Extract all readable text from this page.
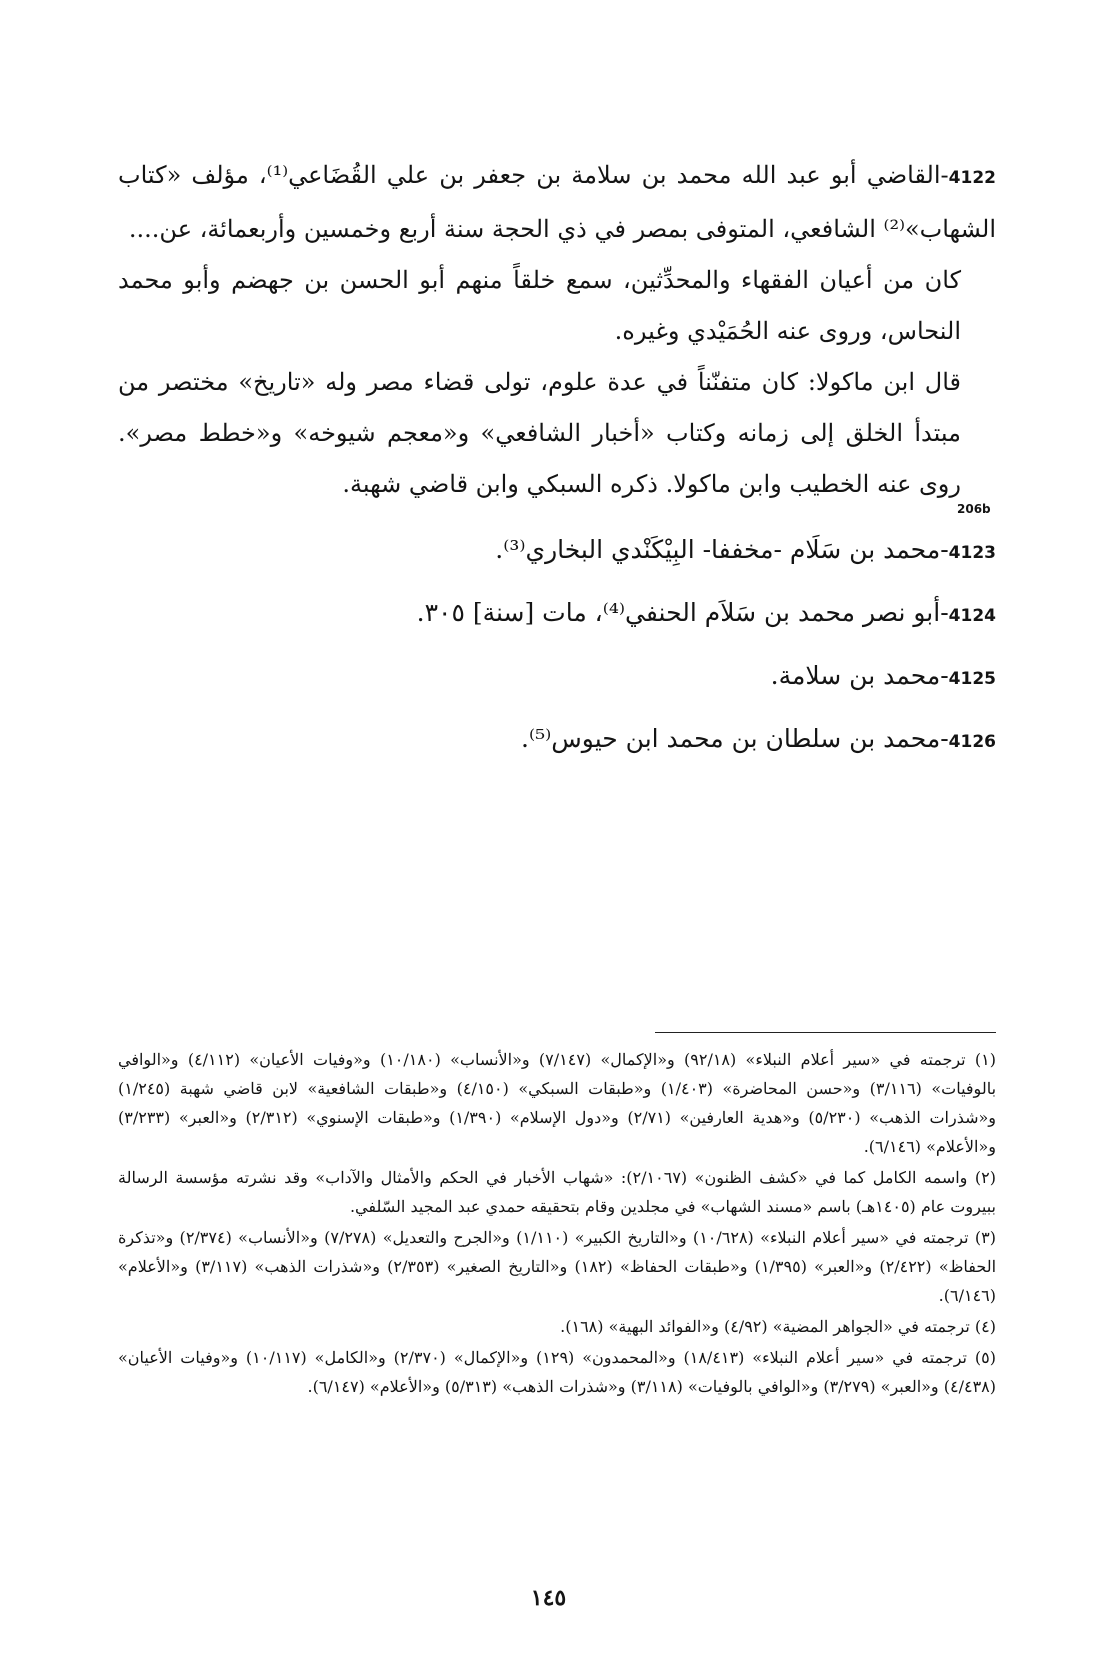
4122-القاضي أبو عبد الله محمد بن سلامة بن جعفر بن علي القُضَاعي⁽¹⁾، مؤلف «كتاب الشهاب»⁽²⁾ الشافعي، المتوفى بمصر في ذي الحجة سنة أربع وخمسين وأربعمائة، عن....

كان من أعيان الفقهاء والمحدِّثين، سمع خلقاً منهم أبو الحسن بن جهضم وأبو محمد النحاس، وروى عنه الحُمَيْدي وغيره.

قال ابن ماكولا: كان متفنّناً في عدة علوم، تولى قضاء مصر وله «تاريخ» مختصر من مبتدأ الخلق إلى زمانه وكتاب «أخبار الشافعي» و«معجم شيوخه» و«خطط مصر». روى عنه الخطيب وابن ماكولا. ذكره السبكي وابن قاضي شهبة.

206b

4123-محمد بن سَلَام -مخففا- البِيْكَنْدي البخاري⁽³⁾.

4124-أبو نصر محمد بن سَلاَم الحنفي⁽⁴⁾، مات [سنة] ٣٠٥.

4125-محمد بن سلامة.

4126-محمد بن سلطان بن محمد ابن حيوس⁽⁵⁾.

(١) ترجمته في «سير أعلام النبلاء» (٩٢/١٨) و«الإكمال» (٧/١٤٧) و«الأنساب» (١٠/١٨٠) و«وفيات الأعيان» (٤/١١٢) و«الوافي بالوفيات» (٣/١١٦) و«حسن المحاضرة» (١/٤٠٣) و«طبقات السبكي» (٤/١٥٠) و«طبقات الشافعية» لابن قاضي شهبة (١/٢٤٥) و«شذرات الذهب» (٥/٢٣٠) و«هدية العارفين» (٢/٧١) و«دول الإسلام» (١/٣٩٠) و«طبقات الإسنوي» (٢/٣١٢) و«العبر» (٣/٢٣٣) و«الأعلام» (٦/١٤٦).

(٢) واسمه الكامل كما في «كشف الظنون» (٢/١٠٦٧): «شهاب الأخبار في الحكم والأمثال والآداب» وقد نشرته مؤسسة الرسالة ببيروت عام (١٤٠٥هـ) باسم «مسند الشهاب» في مجلدين وقام بتحقيقه حمدي عبد المجيد السّلفي.

(٣) ترجمته في «سير أعلام النبلاء» (١٠/٦٢٨) و«التاريخ الكبير» (١/١١٠) و«الجرح والتعديل» (٧/٢٧٨) و«الأنساب» (٢/٣٧٤) و«تذكرة الحفاظ» (٢/٤٢٢) و«العبر» (١/٣٩٥) و«طبقات الحفاظ» (١٨٢) و«التاريخ الصغير» (٢/٣٥٣) و«شذرات الذهب» (٣/١١٧) و«الأعلام» (٦/١٤٦).

(٤) ترجمته في «الجواهر المضية» (٤/٩٢) و«الفوائد البهية» (١٦٨).

(٥) ترجمته في «سير أعلام النبلاء» (١٨/٤١٣) و«المحمدون» (١٢٩) و«الإكمال» (٢/٣٧٠) و«الكامل» (١٠/١١٧) و«وفيات الأعيان» (٤/٤٣٨) و«العبر» (٣/٢٧٩) و«الوافي بالوفيات» (٣/١١٨) و«شذرات الذهب» (٥/٣١٣) و«الأعلام» (٦/١٤٧).

١٤٥
